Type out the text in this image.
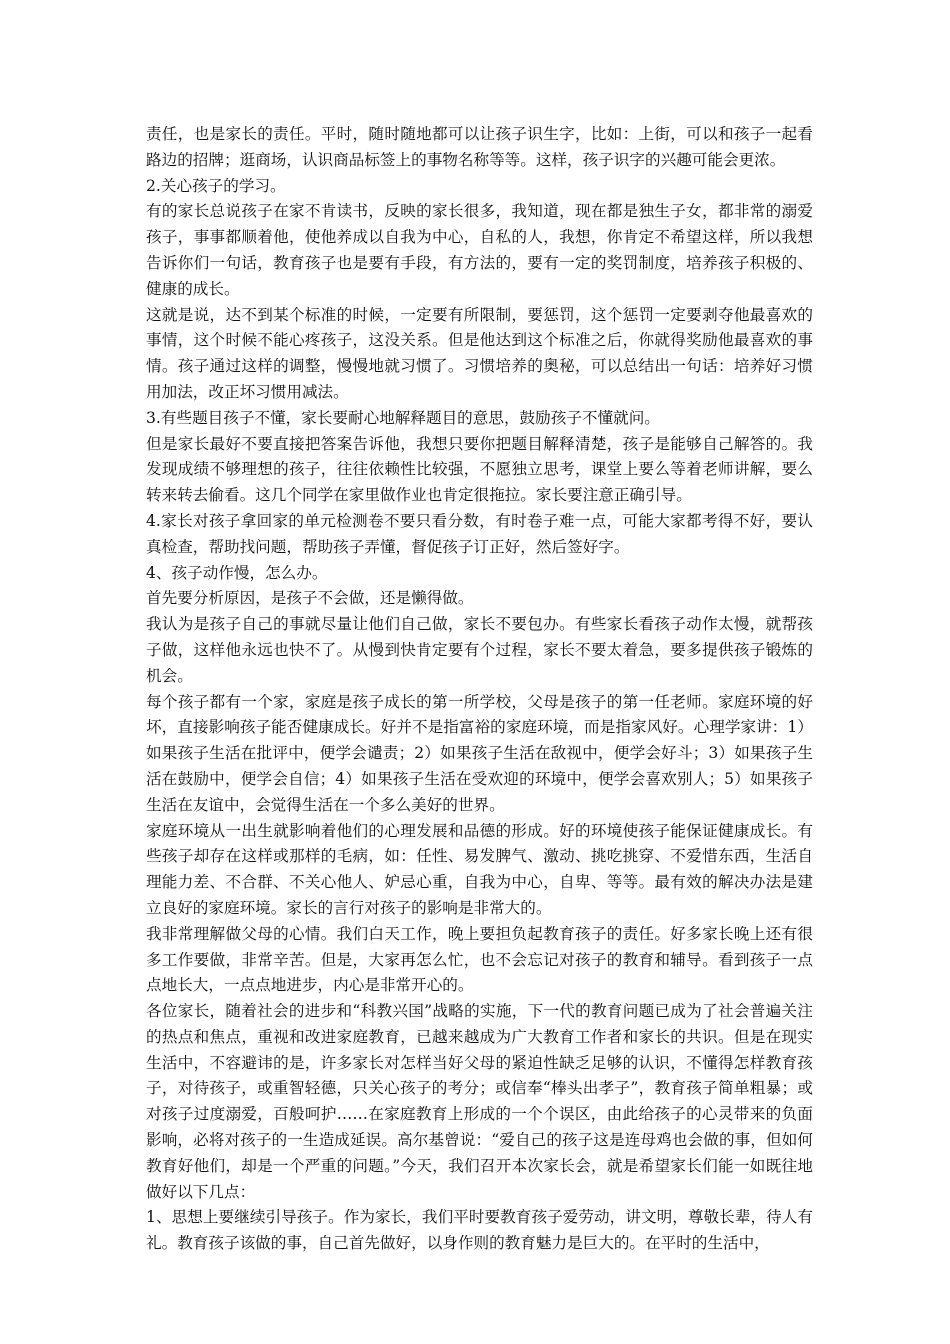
责任，也是家长的责任。平时，随时随地都可以让孩子识生字，比如：上街，可以和孩子一起看路边的招牌；逛商场，认识商品标签上的事物名称等等。这样，孩子识字的兴趣可能会更浓。

2.关心孩子的学习。

有的家长总说孩子在家不肯读书，反映的家长很多，我知道，现在都是独生子女，都非常的溺爱孩子，事事都顺着他，使他养成以自我为中心，自私的人，我想，你肯定不希望这样，所以我想告诉你们一句话，教育孩子也是要有手段，有方法的，要有一定的奖罚制度，培养孩子积极的、健康的成长。

这就是说，达不到某个标准的时候，一定要有所限制，要惩罚，这个惩罚一定要剥夺他最喜欢的事情，这个时候不能心疼孩子，这没关系。但是他达到这个标准之后，你就得奖励他最喜欢的事情。孩子通过这样的调整，慢慢地就习惯了。习惯培养的奥秘，可以总结出一句话：培养好习惯用加法，改正坏习惯用减法。

3.有些题目孩子不懂，家长要耐心地解释题目的意思，鼓励孩子不懂就问。

但是家长最好不要直接把答案告诉他，我想只要你把题目解释清楚，孩子是能够自己解答的。我发现成绩不够理想的孩子，往往依赖性比较强，不愿独立思考，课堂上要么等着老师讲解，要么转来转去偷看。这几个同学在家里做作业也肯定很拖拉。家长要注意正确引导。

4.家长对孩子拿回家的单元检测卷不要只看分数，有时卷子难一点，可能大家都考得不好，要认真检查，帮助找问题，帮助孩子弄懂，督促孩子订正好，然后签好字。

4、孩子动作慢，怎么办。

首先要分析原因，是孩子不会做，还是懒得做。

我认为是孩子自己的事就尽量让他们自己做，家长不要包办。有些家长看孩子动作太慢，就帮孩子做，这样他永远也快不了。从慢到快肯定要有个过程，家长不要太着急，要多提供孩子锻炼的机会。

每个孩子都有一个家，家庭是孩子成长的第一所学校，父母是孩子的第一任老师。家庭环境的好坏，直接影响孩子能否健康成长。好并不是指富裕的家庭环境，而是指家风好。心理学家讲：1）如果孩子生活在批评中，便学会谴责；2）如果孩子生活在敌视中，便学会好斗；3）如果孩子生活在鼓励中，便学会自信；4）如果孩子生活在受欢迎的环境中，便学会喜欢别人；5）如果孩子生活在友谊中，会觉得生活在一个多么美好的世界。

家庭环境从一出生就影响着他们的心理发展和品德的形成。好的环境使孩子能保证健康成长。有些孩子却存在这样或那样的毛病，如：任性、易发脾气、激动、挑吃挑穿、不爱惜东西，生活自理能力差、不合群、不关心他人、妒忌心重，自我为中心，自卑、等等。最有效的解决办法是建立良好的家庭环境。家长的言行对孩子的影响是非常大的。

我非常理解做父母的心情。我们白天工作，晚上要担负起教育孩子的责任。好多家长晚上还有很多工作要做，非常辛苦。但是，大家再怎么忙，也不会忘记对孩子的教育和辅导。看到孩子一点点地长大，一点点地进步，内心是非常开心的。

各位家长，随着社会的进步和“科教兴国”战略的实施，下一代的教育问题已成为了社会普遍关注的热点和焦点，重视和改进家庭教育，已越来越成为广大教育工作者和家长的共识。但是在现实生活中，不容避讳的是，许多家长对怎样当好父母的紧迫性缺乏足够的认识，不懂得怎样教育孩子，对待孩子，或重智轻德，只关心孩子的考分；或信奉“棒头出孝子”，教育孩子简单粗暴；或对孩子过度溺爱，百般呵护……在家庭教育上形成的一个个误区，由此给孩子的心灵带来的负面影响，必将对孩子的一生造成延误。高尔基曾说：“爱自己的孩子这是连母鸡也会做的事，但如何教育好他们，却是一个严重的问题。”今天，我们召开本次家长会，就是希望家长们能一如既往地做好以下几点：

1、思想上要继续引导孩子。作为家长，我们平时要教育孩子爱劳动，讲文明，尊敬长辈，待人有礼。教育孩子该做的事，自己首先做好，以身作则的教育魅力是巨大的。在平时的生活中，
